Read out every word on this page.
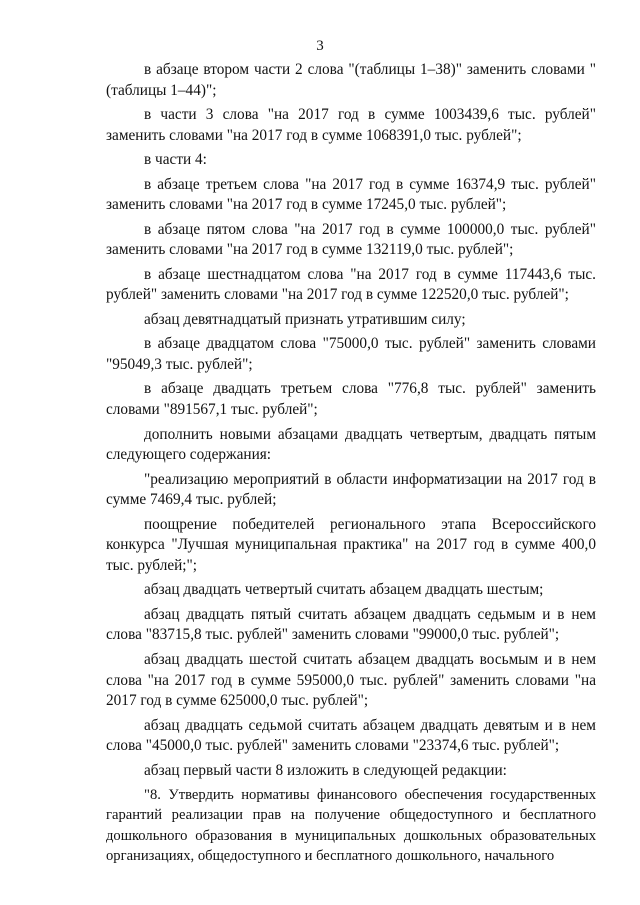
3

в абзаце втором части 2 слова "(таблицы 1–38)" заменить словами "(таблицы 1–44)";

в части 3 слова "на 2017 год в сумме 1003439,6 тыс. рублей" заменить словами "на 2017 год в сумме 1068391,0 тыс. рублей";

в части 4:

в абзаце третьем слова "на 2017 год в сумме 16374,9 тыс. рублей" заменить словами "на 2017 год в сумме 17245,0 тыс. рублей";

в абзаце пятом слова "на 2017 год в сумме 100000,0 тыс. рублей" заменить словами "на 2017 год в сумме 132119,0 тыс. рублей";

в абзаце шестнадцатом слова "на 2017 год в сумме 117443,6 тыс. рублей" заменить словами "на 2017 год в сумме 122520,0 тыс. рублей";

абзац девятнадцатый признать утратившим силу;

в абзаце двадцатом слова "75000,0 тыс. рублей" заменить словами "95049,3 тыс. рублей";

в абзаце двадцать третьем слова "776,8 тыс. рублей" заменить словами "891567,1 тыс. рублей";

дополнить новыми абзацами двадцать четвертым, двадцать пятым следующего содержания:

"реализацию мероприятий в области информатизации на 2017 год в сумме 7469,4 тыс. рублей;

поощрение победителей регионального этапа Всероссийского конкурса "Лучшая муниципальная практика" на 2017 год в сумме 400,0 тыс. рублей;";

абзац двадцать четвертый считать абзацем двадцать шестым;

абзац двадцать пятый считать абзацем двадцать седьмым и в нем слова "83715,8 тыс. рублей" заменить словами "99000,0 тыс. рублей";

абзац двадцать шестой считать абзацем двадцать восьмым и в нем слова "на 2017 год в сумме 595000,0 тыс. рублей" заменить словами "на 2017 год в сумме 625000,0 тыс. рублей";

абзац двадцать седьмой считать абзацем двадцать девятым и в нем слова "45000,0 тыс. рублей" заменить словами "23374,6 тыс. рублей";

абзац первый части 8 изложить в следующей редакции:

"8. Утвердить нормативы финансового обеспечения государственных гарантий реализации прав на получение общедоступного и бесплатного дошкольного образования в муниципальных дошкольных образовательных организациях, общедоступного и бесплатного дошкольного, начального
